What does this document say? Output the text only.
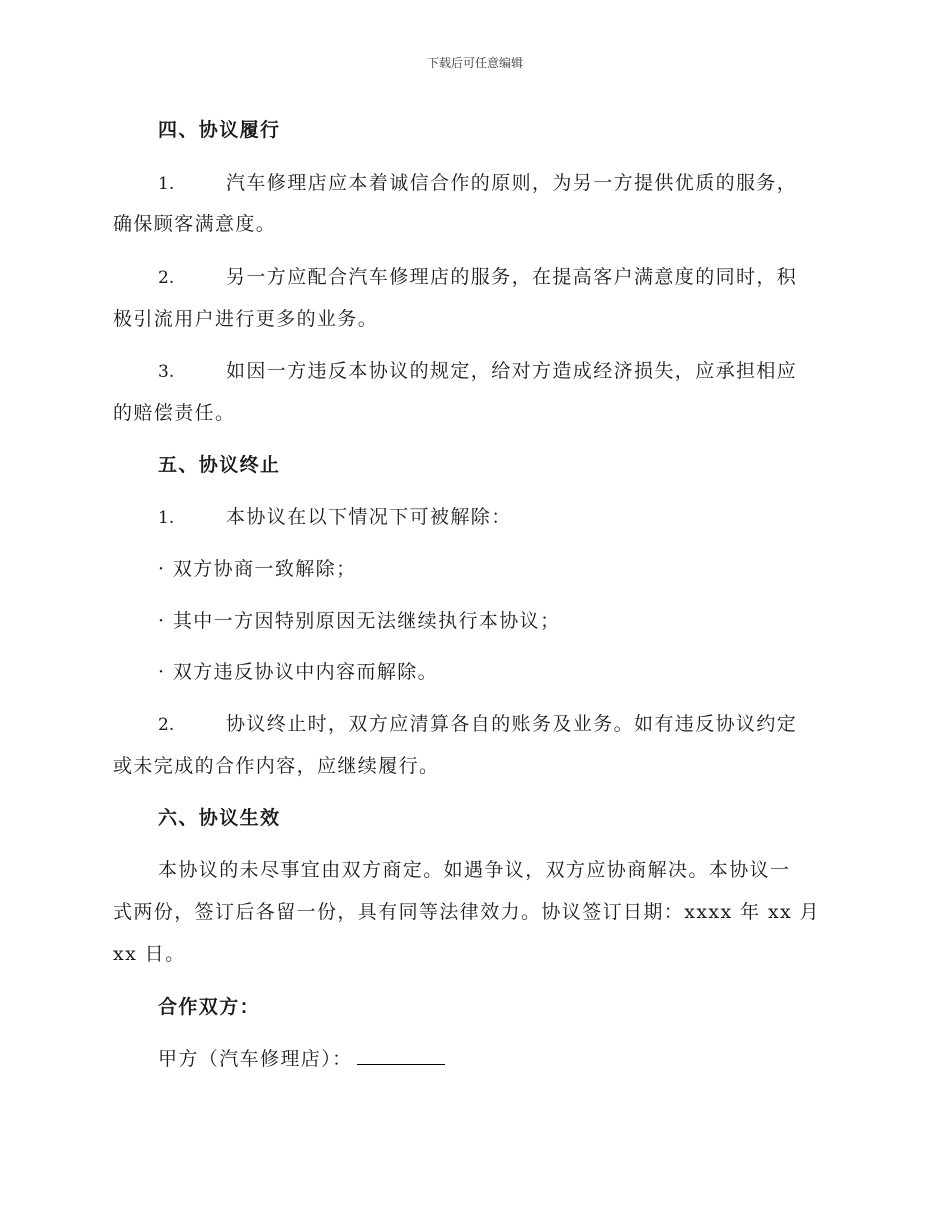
下载后可任意编辑
四、协议履行
1.	汽车修理店应本着诚信合作的原则，为另一方提供优质的服务，
确保顾客满意度。
2.	另一方应配合汽车修理店的服务，在提高客户满意度的同时，积
极引流用户进行更多的业务。
3.	如因一方违反本协议的规定，给对方造成经济损失，应承担相应
的赔偿责任。
五、协议终止
1.	本协议在以下情况下可被解除：
· 双方协商一致解除；
· 其中一方因特别原因无法继续执行本协议；
· 双方违反协议中内容而解除。
2.	协议终止时，双方应清算各自的账务及业务。如有违反协议约定
或未完成的合作内容，应继续履行。
六、协议生效
本协议的未尽事宜由双方商定。如遇争议，双方应协商解决。本协议一
式两份，签订后各留一份，具有同等法律效力。协议签订日期：xxxx 年 xx 月
xx 日。
合作双方：
甲方（汽车修理店）：
